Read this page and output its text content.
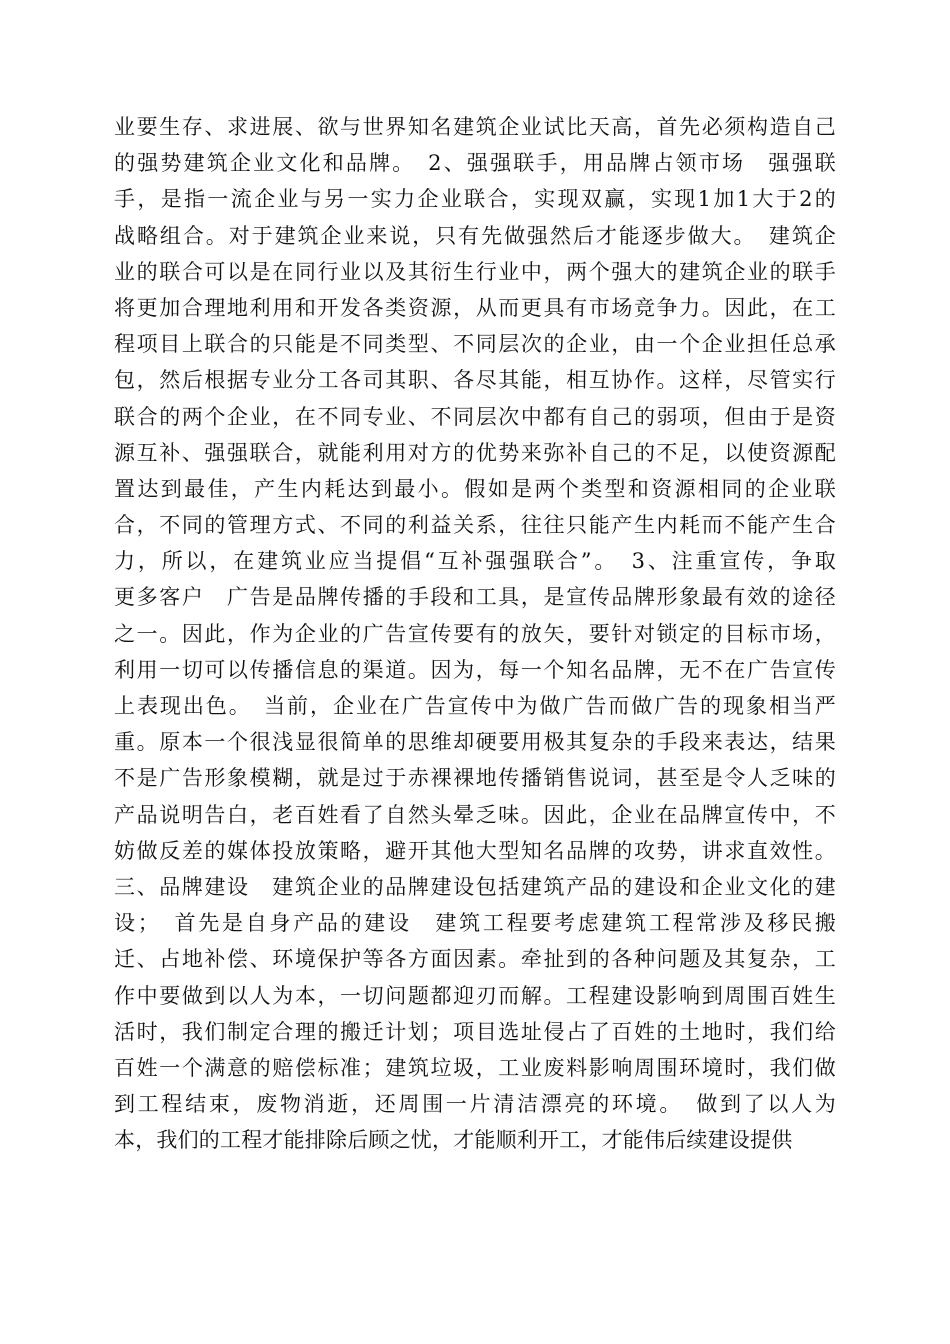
业要生存、求进展、欲与世界知名建筑企业试比天高，首先必须构造自己
的强势建筑企业文化和品牌。　2、强强联手，用品牌占领市场　强强联
手，是指一流企业与另一实力企业联合，实现双赢，实现1加1大于2的
战略组合。对于建筑企业来说，只有先做强然后才能逐步做大。　建筑企
业的联合可以是在同行业以及其衍生行业中，两个强大的建筑企业的联手
将更加合理地利用和开发各类资源，从而更具有市场竞争力。因此，在工
程项目上联合的只能是不同类型、不同层次的企业，由一个企业担任总承
包，然后根据专业分工各司其职、各尽其能，相互协作。这样，尽管实行
联合的两个企业，在不同专业、不同层次中都有自己的弱项，但由于是资
源互补、强强联合，就能利用对方的优势来弥补自己的不足，以使资源配
置达到最佳，产生内耗达到最小。假如是两个类型和资源相同的企业联
合，不同的管理方式、不同的利益关系，往往只能产生内耗而不能产生合
力，所以，在建筑业应当提倡“互补强强联合”。　3、注重宣传，争取
更多客户　广告是品牌传播的手段和工具，是宣传品牌形象最有效的途径
之一。因此，作为企业的广告宣传要有的放矢，要针对锁定的目标市场，
利用一切可以传播信息的渠道。因为，每一个知名品牌，无不在广告宣传
上表现出色。　当前，企业在广告宣传中为做广告而做广告的现象相当严
重。原本一个很浅显很简单的思维却硬要用极其复杂的手段来表达，结果
不是广告形象模糊，就是过于赤裸裸地传播销售说词，甚至是令人乏味的
产品说明告白，老百姓看了自然头晕乏味。因此，企业在品牌宣传中，不
妨做反差的媒体投放策略，避开其他大型知名品牌的攻势，讲求直效性。
三、品牌建设　建筑企业的品牌建设包括建筑产品的建设和企业文化的建
设；　首先是自身产品的建设　建筑工程要考虑建筑工程常涉及移民搬
迁、占地补偿、环境保护等各方面因素。牵扯到的各种问题及其复杂，工
作中要做到以人为本，一切问题都迎刃而解。工程建设影响到周围百姓生
活时，我们制定合理的搬迁计划；项目选址侵占了百姓的土地时，我们给
百姓一个满意的赔偿标准；建筑垃圾，工业废料影响周围环境时，我们做
到工程结束，废物消逝，还周围一片清洁漂亮的环境。　做到了以人为
本，我们的工程才能排除后顾之忧，才能顺利开工，才能伟后续建设提供
